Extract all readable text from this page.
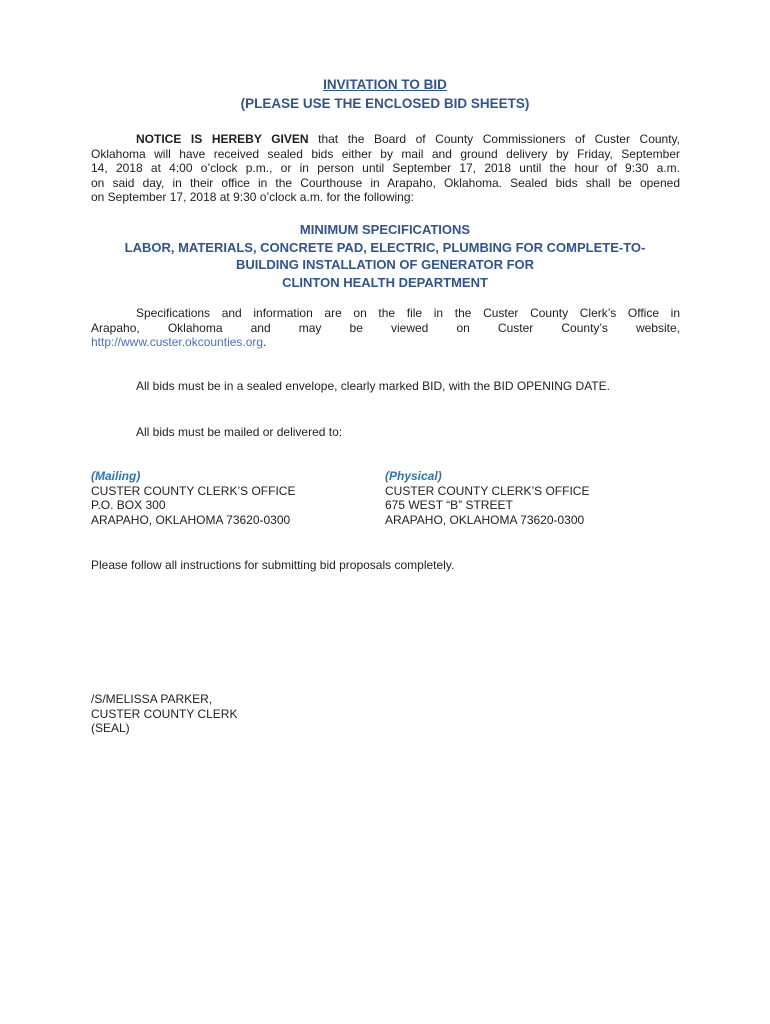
INVITATION TO BID

(PLEASE USE THE ENCLOSED BID SHEETS)

NOTICE IS HEREBY GIVEN that the Board of County Commissioners of Custer County,
Oklahoma will have received sealed bids either by mail and ground delivery by Friday, September
14, 2018 at 4:00 o’clock p.m., or in person until September 17, 2018 until the hour of 9:30 a.m.
on said day, in their office in the Courthouse in Arapaho, Oklahoma. Sealed bids shall be opened
on September 17, 2018 at 9:30 o’clock a.m. for the following:
MINIMUM SPECIFICATIONS
LABOR, MATERIALS, CONCRETE PAD, ELECTRIC, PLUMBING FOR COMPLETE-TO-
BUILDING INSTALLATION OF GENERATOR FOR
CLINTON HEALTH DEPARTMENT
Specifications and information are on the file in the Custer County Clerk’s Office in
Arapaho, Oklahoma and may be viewed on Custer County’s website,
http://www.custer.okcounties.org.
All bids must be in a sealed envelope, clearly marked BID, with the BID OPENING DATE.
All bids must be mailed or delivered to:
(Mailing)
CUSTER COUNTY CLERK’S OFFICE
P.O. BOX 300
ARAPAHO, OKLAHOMA 73620-0300
(Physical)
CUSTER COUNTY CLERK’S OFFICE
675 WEST “B” STREET
ARAPAHO, OKLAHOMA 73620-0300
Please follow all instructions for submitting bid proposals completely.
/S/MELISSA PARKER,
CUSTER COUNTY CLERK
(SEAL)
